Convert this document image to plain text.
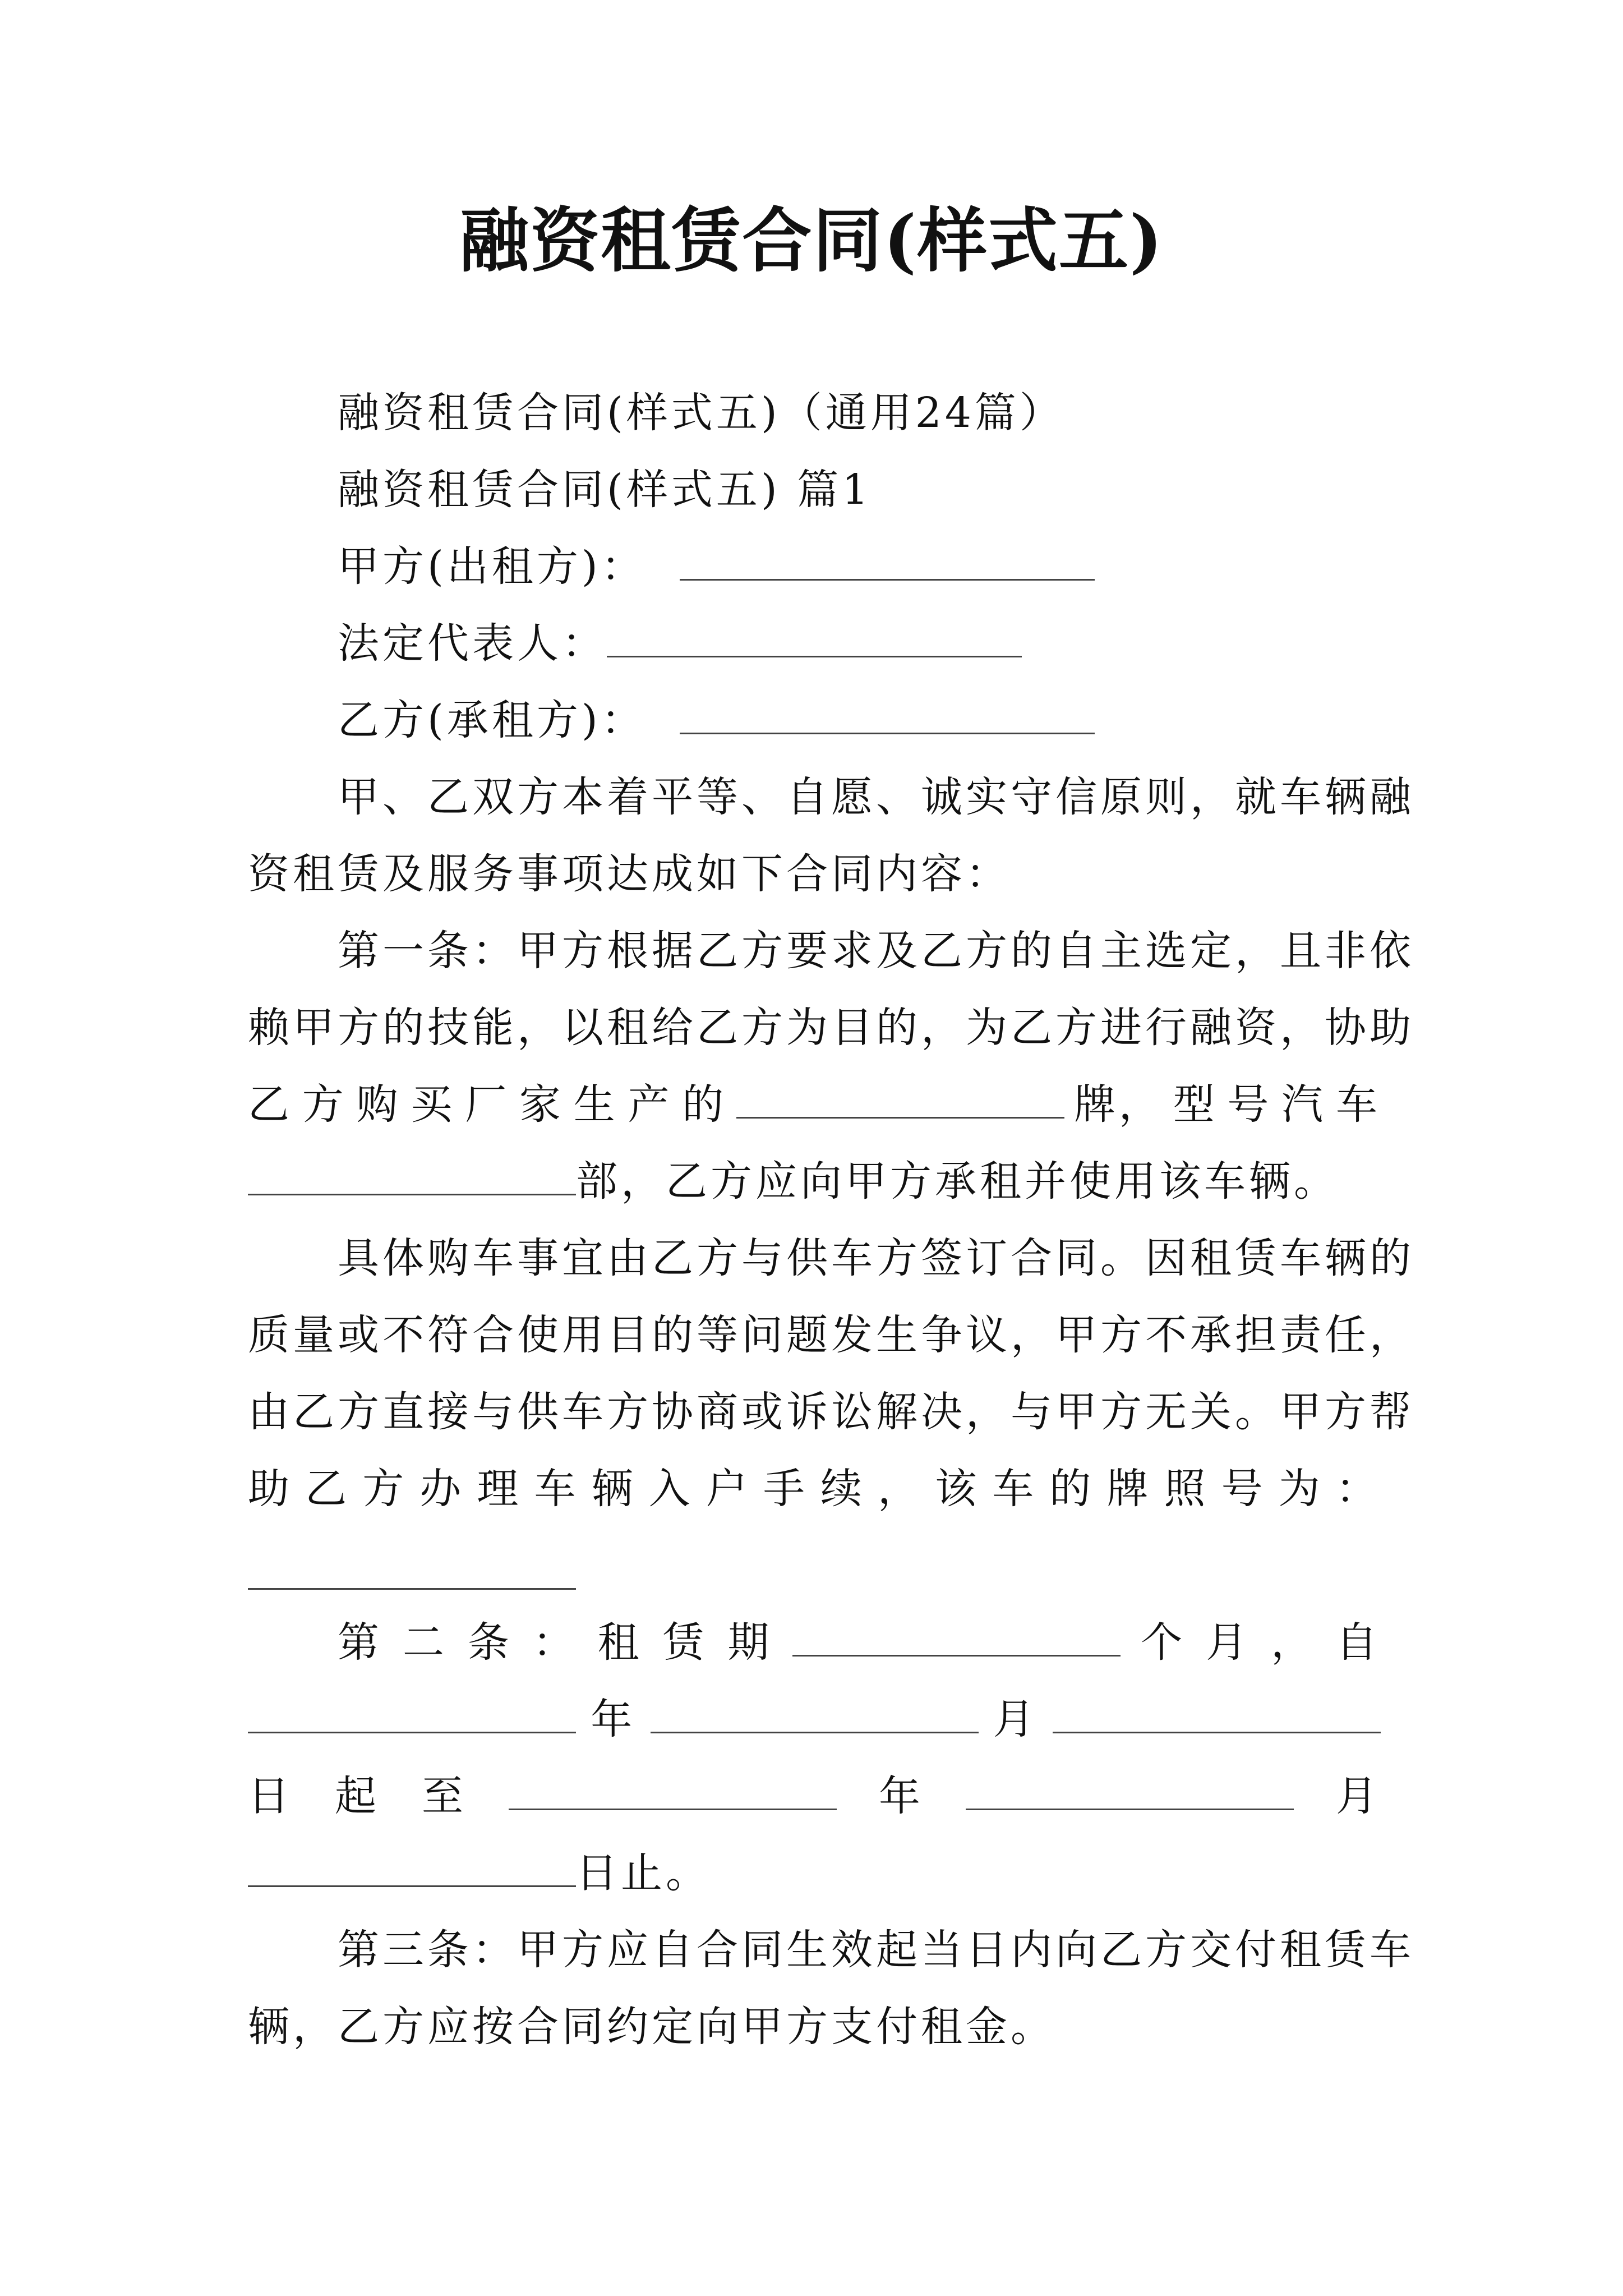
融资租赁合同(样式五)
融资租赁合同(样式五)（通用24篇）
融资租赁合同(样式五) 篇1
甲方(出租方)：
法定代表人：
乙方(承租方)：
甲、乙双方本着平等、自愿、诚实守信原则，就车辆融
资租赁及服务事项达成如下合同内容：
第一条：甲方根据乙方要求及乙方的自主选定，且非依
赖甲方的技能，以租给乙方为目的，为乙方进行融资，协助
乙 方 购 买 厂 家 生 产 的	牌， 型 号 汽 车
部，乙方应向甲方承租并使用该车辆。
具体购车事宜由乙方与供车方签订合同。因租赁车辆的
质量或不符合使用目的等问题发生争议，甲方不承担责任，
由乙方直接与供车方协商或诉讼解决，与甲方无关。甲方帮
助 乙 方 办 理 车 辆 入 户 手 续 ， 该 车 的 牌 照 号 为 ：
第 二 条 ： 租 赁 期	个 月 ， 自
年	月
日 起 至	年	月
日止。
第三条：甲方应自合同生效起当日内向乙方交付租赁车
辆，乙方应按合同约定向甲方支付租金。
